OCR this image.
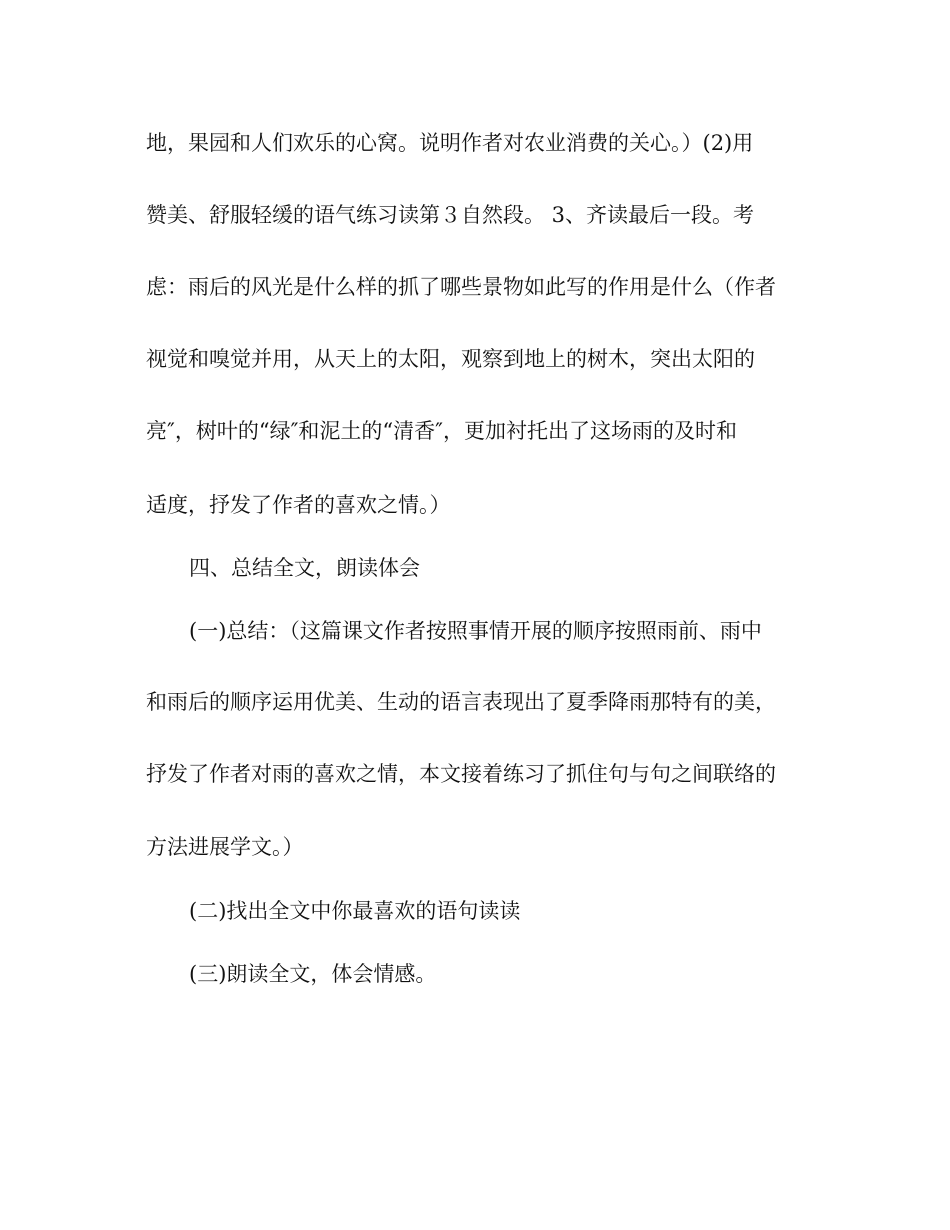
地，果园和人们欢乐的心窝。说明作者对农业消费的关心。）(2)用
赞美、舒服轻缓的语气练习读第３自然段。 3、齐读最后一段。考
虑：雨后的风光是什么样的抓了哪些景物如此写的作用是什么（作者
视觉和嗅觉并用，从天上的太阳，观察到地上的树木，突出太阳的
亮″，树叶的“绿″和泥土的“清香″，更加衬托出了这场雨的及时和
适度，抒发了作者的喜欢之情。）
四、总结全文，朗读体会
(一)总结：（这篇课文作者按照事情开展的顺序按照雨前、雨中
和雨后的顺序运用优美、生动的语言表现出了夏季降雨那特有的美，
抒发了作者对雨的喜欢之情，本文接着练习了抓住句与句之间联络的
方法进展学文。）
(二)找出全文中你最喜欢的语句读读
(三)朗读全文，体会情感。
